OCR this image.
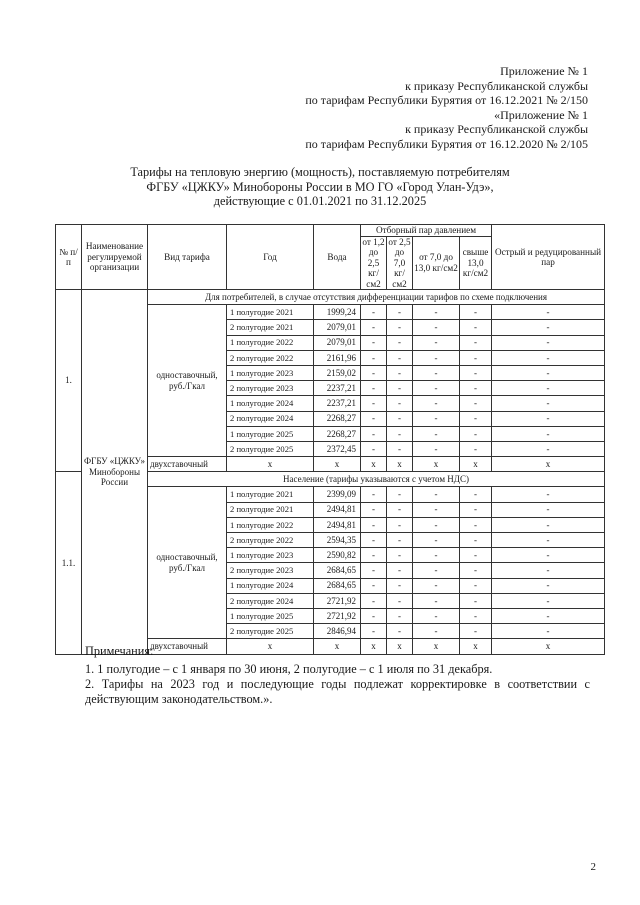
Приложение № 1
к приказу Республиканской службы
по тарифам Республики Бурятия от 16.12.2021 № 2/150
«Приложение № 1
к приказу Республиканской службы
по тарифам Республики Бурятия от 16.12.2020 № 2/105
Тарифы на тепловую энергию (мощность), поставляемую потребителям
ФГБУ «ЦЖКУ» Минобороны России в МО ГО «Город Улан-Удэ»,
действующие с 01.01.2021 по 31.12.2025
№ п/п	Наименование регулируемой организации	Вид тарифа	Год	Вода	Отборный пар давлением				Острый и редуцированный пар
					от 1,2 до 2,5 кг/см2	от 2,5 до 7,0 кг/см2	от 7,0 до 13,0 кг/см2	свыше 13,0 кг/см2	
1.	ФГБУ «ЦЖКУ» Минобороны России	Для потребителей, в случае отсутствия дифференциации тарифов по схеме подключения							
		одноставочный, руб./Гкал	1 полугодие 2021	1999,24	-	-	-	-	-
			2 полугодие 2021	2079,01	-	-	-	-	-
			1 полугодие 2022	2079,01	-	-	-	-	-
			2 полугодие 2022	2161,96	-	-	-	-	-
			1 полугодие 2023	2159,02	-	-	-	-	-
			2 полугодие 2023	2237,21	-	-	-	-	-
			1 полугодие 2024	2237,21	-	-	-	-	-
			2 полугодие 2024	2268,27	-	-	-	-	-
			1 полугодие 2025	2268,27	-	-	-	-	-
			2 полугодие 2025	2372,45	-	-	-	-	-
		двухставочный	x	x	x	x	x	x	x
1.1.		Население (тарифы указываются с учетом НДС)							
		одноставочный, руб./Гкал	1 полугодие 2021	2399,09	-	-	-	-	-
			2 полугодие 2021	2494,81	-	-	-	-	-
			1 полугодие 2022	2494,81	-	-	-	-	-
			2 полугодие 2022	2594,35	-	-	-	-	-
			1 полугодие 2023	2590,82	-	-	-	-	-
			2 полугодие 2023	2684,65	-	-	-	-	-
			1 полугодие 2024	2684,65	-	-	-	-	-
			2 полугодие 2024	2721,92	-	-	-	-	-
			1 полугодие 2025	2721,92	-	-	-	-	-
			2 полугодие 2025	2846,94	-	-	-	-	-
		двухставочный	x	x	x	x	x	x	x
Примечания:
1. 1 полугодие – с 1 января по 30 июня, 2 полугодие – с 1 июля по 31 декабря.
2. Тарифы на 2023 год и последующие годы подлежат корректировке в соответствии с действующим законодательством.».
2
